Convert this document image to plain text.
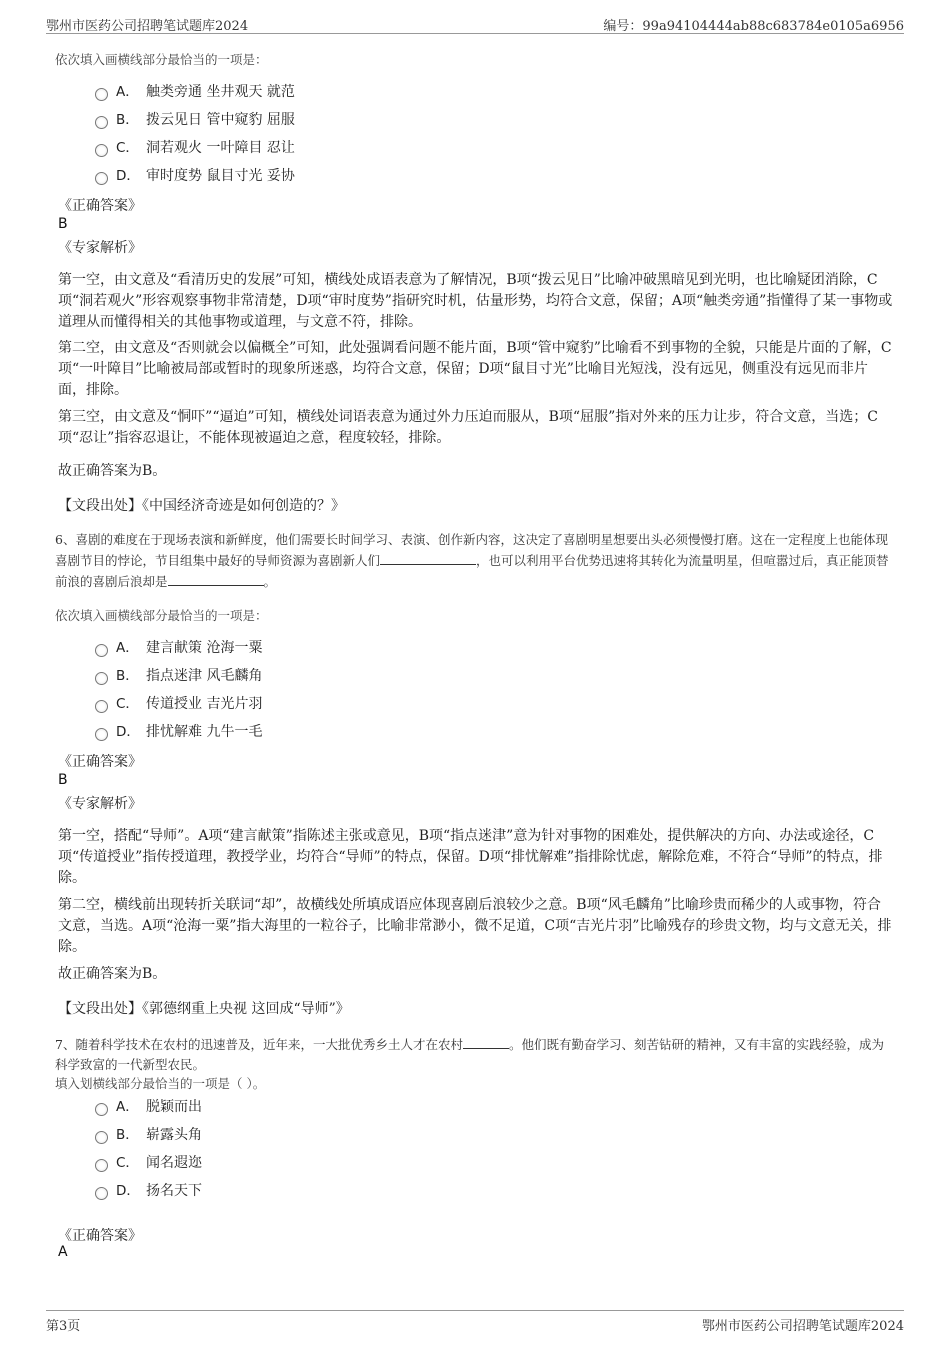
鄂州市医药公司招聘笔试题库2024	编号：99a94104444ab88c683784e0105a6956
依次填入画横线部分最恰当的一项是：
A． 触类旁通 坐井观天 就范
B． 拨云见日 管中窥豹 屈服
C． 洞若观火 一叶障目 忍让
D． 审时度势 鼠目寸光 妥协
《正确答案》
B
《专家解析》
第一空，由文意及“看清历史的发展”可知，横线处成语表意为了解情况，B项“拨云见日”比喻冲破黑暗见到光明，也比喻疑团消除，C项“洞若观火”形容观察事物非常清楚，D项“审时度势”指研究时机，估量形势，均符合文意，保留；A项“触类旁通”指懂得了某一事物或道理从而懂得相关的其他事物或道理，与文意不符，排除。
第二空，由文意及“否则就会以偏概全”可知，此处强调看问题不能片面，B项“管中窥豹”比喻看不到事物的全貌，只能是片面的了解，C项“一叶障目”比喻被局部或暂时的现象所迷惑，均符合文意，保留；D项“鼠目寸光”比喻目光短浅，没有远见，侧重没有远见而非片面，排除。
第三空，由文意及“恫吓”“逼迫”可知，横线处词语表意为通过外力压迫而服从，B项“屈服”指对外来的压力让步，符合文意，当选；C项“忍让”指容忍退让，不能体现被逼迫之意，程度较轻，排除。
故正确答案为B。
【文段出处】《中国经济奇迹是如何创造的？》
6、喜剧的难度在于现场表演和新鲜度，他们需要长时间学习、表演、创作新内容，这决定了喜剧明星想要出头必须慢慢打磨。这在一定程度上也能体现喜剧节目的悖论，节目组集中最好的导师资源为喜剧新人们	，也可以利用平台优势迅速将其转化为流量明星，但喧嚣过后，真正能顶替前浪的喜剧后浪却是	。
依次填入画横线部分最恰当的一项是：
A． 建言献策 沧海一粟
B． 指点迷津 风毛麟角
C． 传道授业 吉光片羽
D． 排忧解难 九牛一毛
《正确答案》
B
《专家解析》
第一空，搭配“导师”。A项“建言献策”指陈述主张或意见，B项“指点迷津”意为针对事物的困难处，提供解决的方向、办法或途径，C项“传道授业”指传授道理，教授学业，均符合“导师”的特点，保留。D项“排忧解难”指排除忧虑，解除危难，不符合“导师”的特点，排除。
第二空，横线前出现转折关联词“却”，故横线处所填成语应体现喜剧后浪较少之意。B项“风毛麟角”比喻珍贵而稀少的人或事物，符合文意，当选。A项“沧海一粟”指大海里的一粒谷子，比喻非常渺小，微不足道，C项“吉光片羽”比喻残存的珍贵文物，均与文意无关，排除。
故正确答案为B。
【文段出处】《郭德纲重上央视 这回成“导师”》
7、随着科学技术在农村的迅速普及，近年来，一大批优秀乡土人才在农村	。他们既有勤奋学习、刻苦钻研的精神，又有丰富的实践经验，成为科学致富的一代新型农民。
填入划横线部分最恰当的一项是（ ）。
A． 脱颖而出
B． 崭露头角
C． 闻名遐迩
D． 扬名天下
《正确答案》
A
第3页	鄂州市医药公司招聘笔试题库2024
